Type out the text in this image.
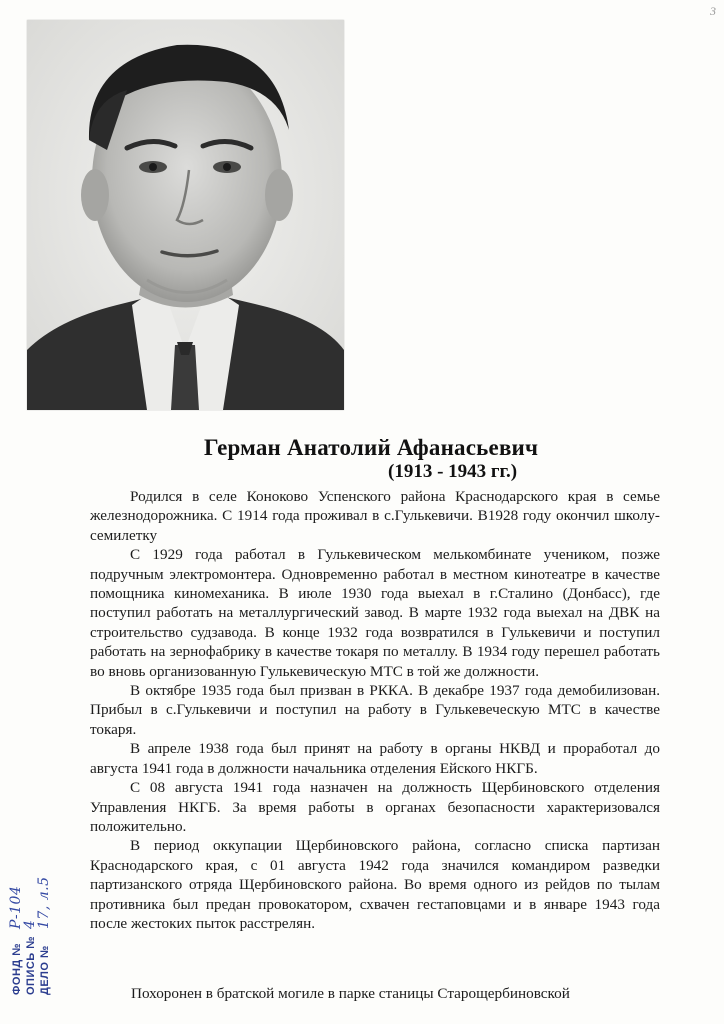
3
Герман Анатолий Афанасьевич
(1913 - 1943 гг.)

Родился в селе Коноково Успенского района Краснодарского края в семье железнодорожника. С 1914 года проживал в с.Гулькевичи. В1928 году окончил школу-семилетку

С 1929 года работал в Гулькевическом мелькомбинате учеником, позже подручным электромонтера. Одновременно работал в местном кинотеатре в качестве помощника киномеханика. В июле 1930 года выехал в г.Сталино (Донбасс), где поступил работать на металлургический завод. В марте 1932 года выехал на ДВК на строительство судзавода. В конце 1932 года возвратился в Гулькевичи и поступил работать на зернофабрику в качестве токаря по металлу. В 1934 году перешел работать во вновь организованную Гулькевическую МТС в той же должности.

В октябре 1935 года был призван в РККА. В декабре 1937 года демобилизован. Прибыл в с.Гулькевичи и поступил на работу в Гулькевеческую МТС в качестве токаря.

В апреле 1938 года был принят на работу в органы НКВД и проработал до августа 1941 года в должности начальника отделения Ейского НКГБ.

С 08 августа 1941 года назначен на должность Щербиновского отделения Управления НКГБ. За время работы в органах безопасности характеризовался положительно.

В период оккупации Щербиновского района, согласно списка партизан Краснодарского края, с 01 августа 1942 года значился командиром разведки партизанского отряда Щербиновского района. Во время одного из рейдов по тылам противника был предан провокатором, схвачен гестаповцами и в январе 1943 года после жестоких пыток расстрелян.

Похоронен в братской могиле в парке станицы Старощербиновской

ФОНД №
Р-104
ОПИСЬ №
4
ДЕЛО №
17, л.5
